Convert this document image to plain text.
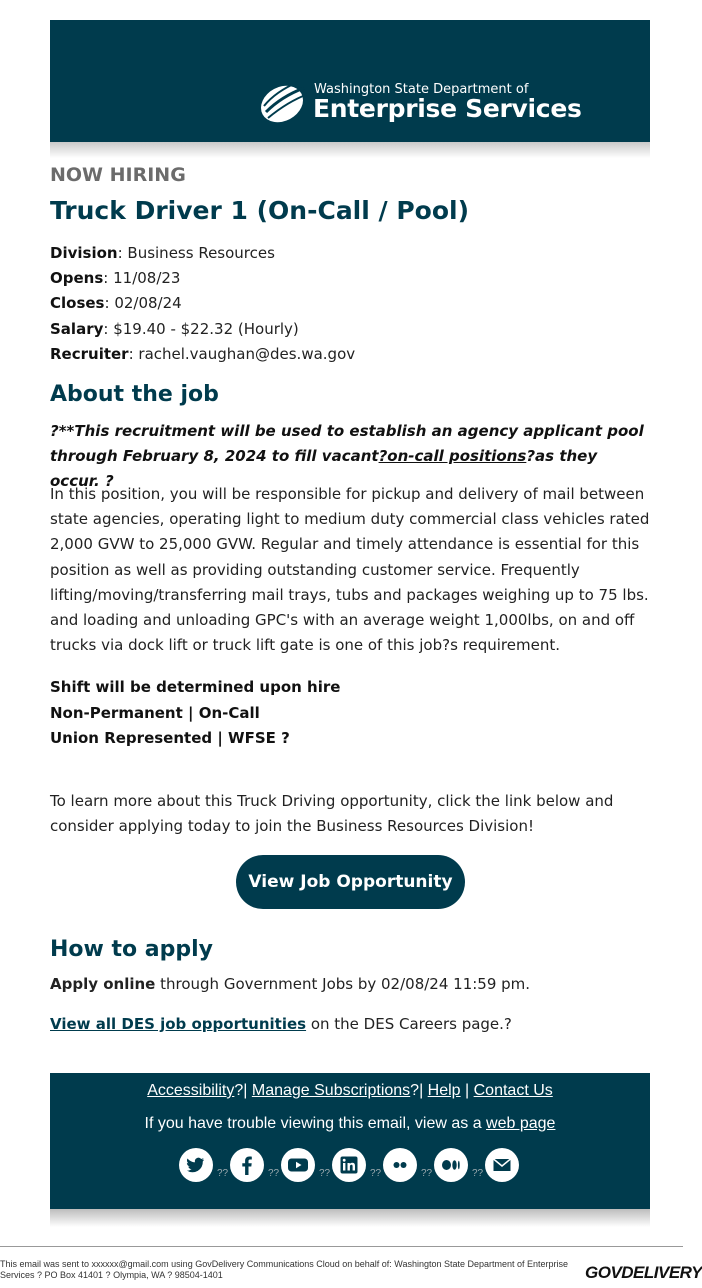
Washington State Department of
Enterprise Services
NOW HIRING
Truck Driver 1 (On-Call / Pool)
Division: Business Resources
Opens: 11/08/23
Closes: 02/08/24
Salary: $19.40 - $22.32 (Hourly)
Recruiter: rachel.vaughan@des.wa.gov
About the job
?**This recruitment will be used to establish an agency applicant pool through February 8, 2024 to fill vacant?on-call positions?as they occur. ?
In this position, you will be responsible for pickup and delivery of mail between state agencies, operating light to medium duty commercial class vehicles rated 2,000 GVW to 25,000 GVW. Regular and timely attendance is essential for this position as well as providing outstanding customer service. Frequently lifting/moving/transferring mail trays, tubs and packages weighing up to 75 lbs. and loading and unloading GPC's with an average weight 1,000lbs, on and off trucks via dock lift or truck lift gate is one of this job?s requirement.
Shift will be determined upon hire
Non-Permanent | On-Call
Union Represented | WFSE ?
To learn more about this Truck Driving opportunity, click the link below and consider applying today to join the Business Resources Division!
View Job Opportunity
How to apply
Apply online through Government Jobs by 02/08/24 11:59 pm.
View all DES job opportunities on the DES Careers page.?
Accessibility?| Manage Subscriptions?| Help | Contact Us
If you have trouble viewing this email, view as a web page
??	??	??	??	??	??
This email was sent to xxxxxx@gmail.com using GovDelivery Communications Cloud on behalf of: Washington State Department of Enterprise Services ? PO Box 41401 ? Olympia, WA ? 98504-1401	GOVDELIVERY
